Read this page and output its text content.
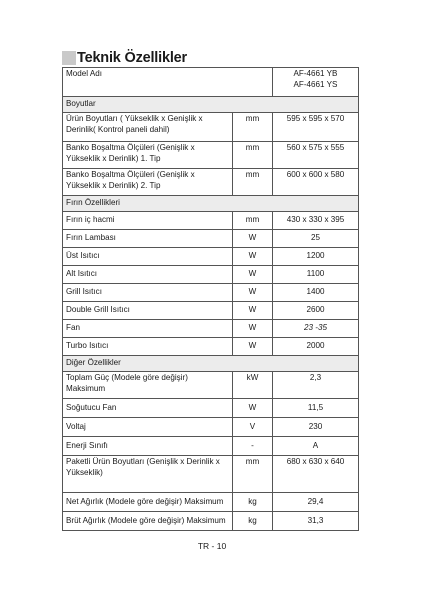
Teknik Özellikler
Model Adı		AF-4661 YB
AF-4661 YS

Boyutlar		
Ürün Boyutları ( Yükseklik x Genişlik x Derinlik( Kontrol paneli dahil)	mm	595 x 595 x 570
Banko Boşaltma Ölçüleri (Genişlik x Yükseklik x Derinlik) 1. Tip	mm	560 x 575 x 555
Banko Boşaltma Ölçüleri (Genişlik x Yükseklik x Derinlik) 2. Tip	mm	600 x 600 x 580
Fırın Özellikleri		
Fırın iç hacmi	mm	430 x 330 x 395
Fırın Lambası	W	25
Üst Isıtıcı	W	1200
Alt Isıtıcı	W	1100
Grill Isıtıcı	W	1400
Double Grill Isıtıcı	W	2600
Fan	W	23 -35
Turbo Isıtıcı	W	2000
Diğer Özellikler		
Toplam Güç (Modele göre değişir) Maksimum	kW	2,3
Soğutucu Fan	W	11,5
Voltaj	V	230
Enerji Sınıfı	-	A
Paketli Ürün Boyutları (Genişlik x Derinlik x Yükseklik)	mm	680 x 630 x 640
Net Ağırlık (Modele göre değişir) Maksimum	kg	29,4
Brüt Ağırlık (Modele göre değişir) Maksimum	kg	31,3
TR - 10
